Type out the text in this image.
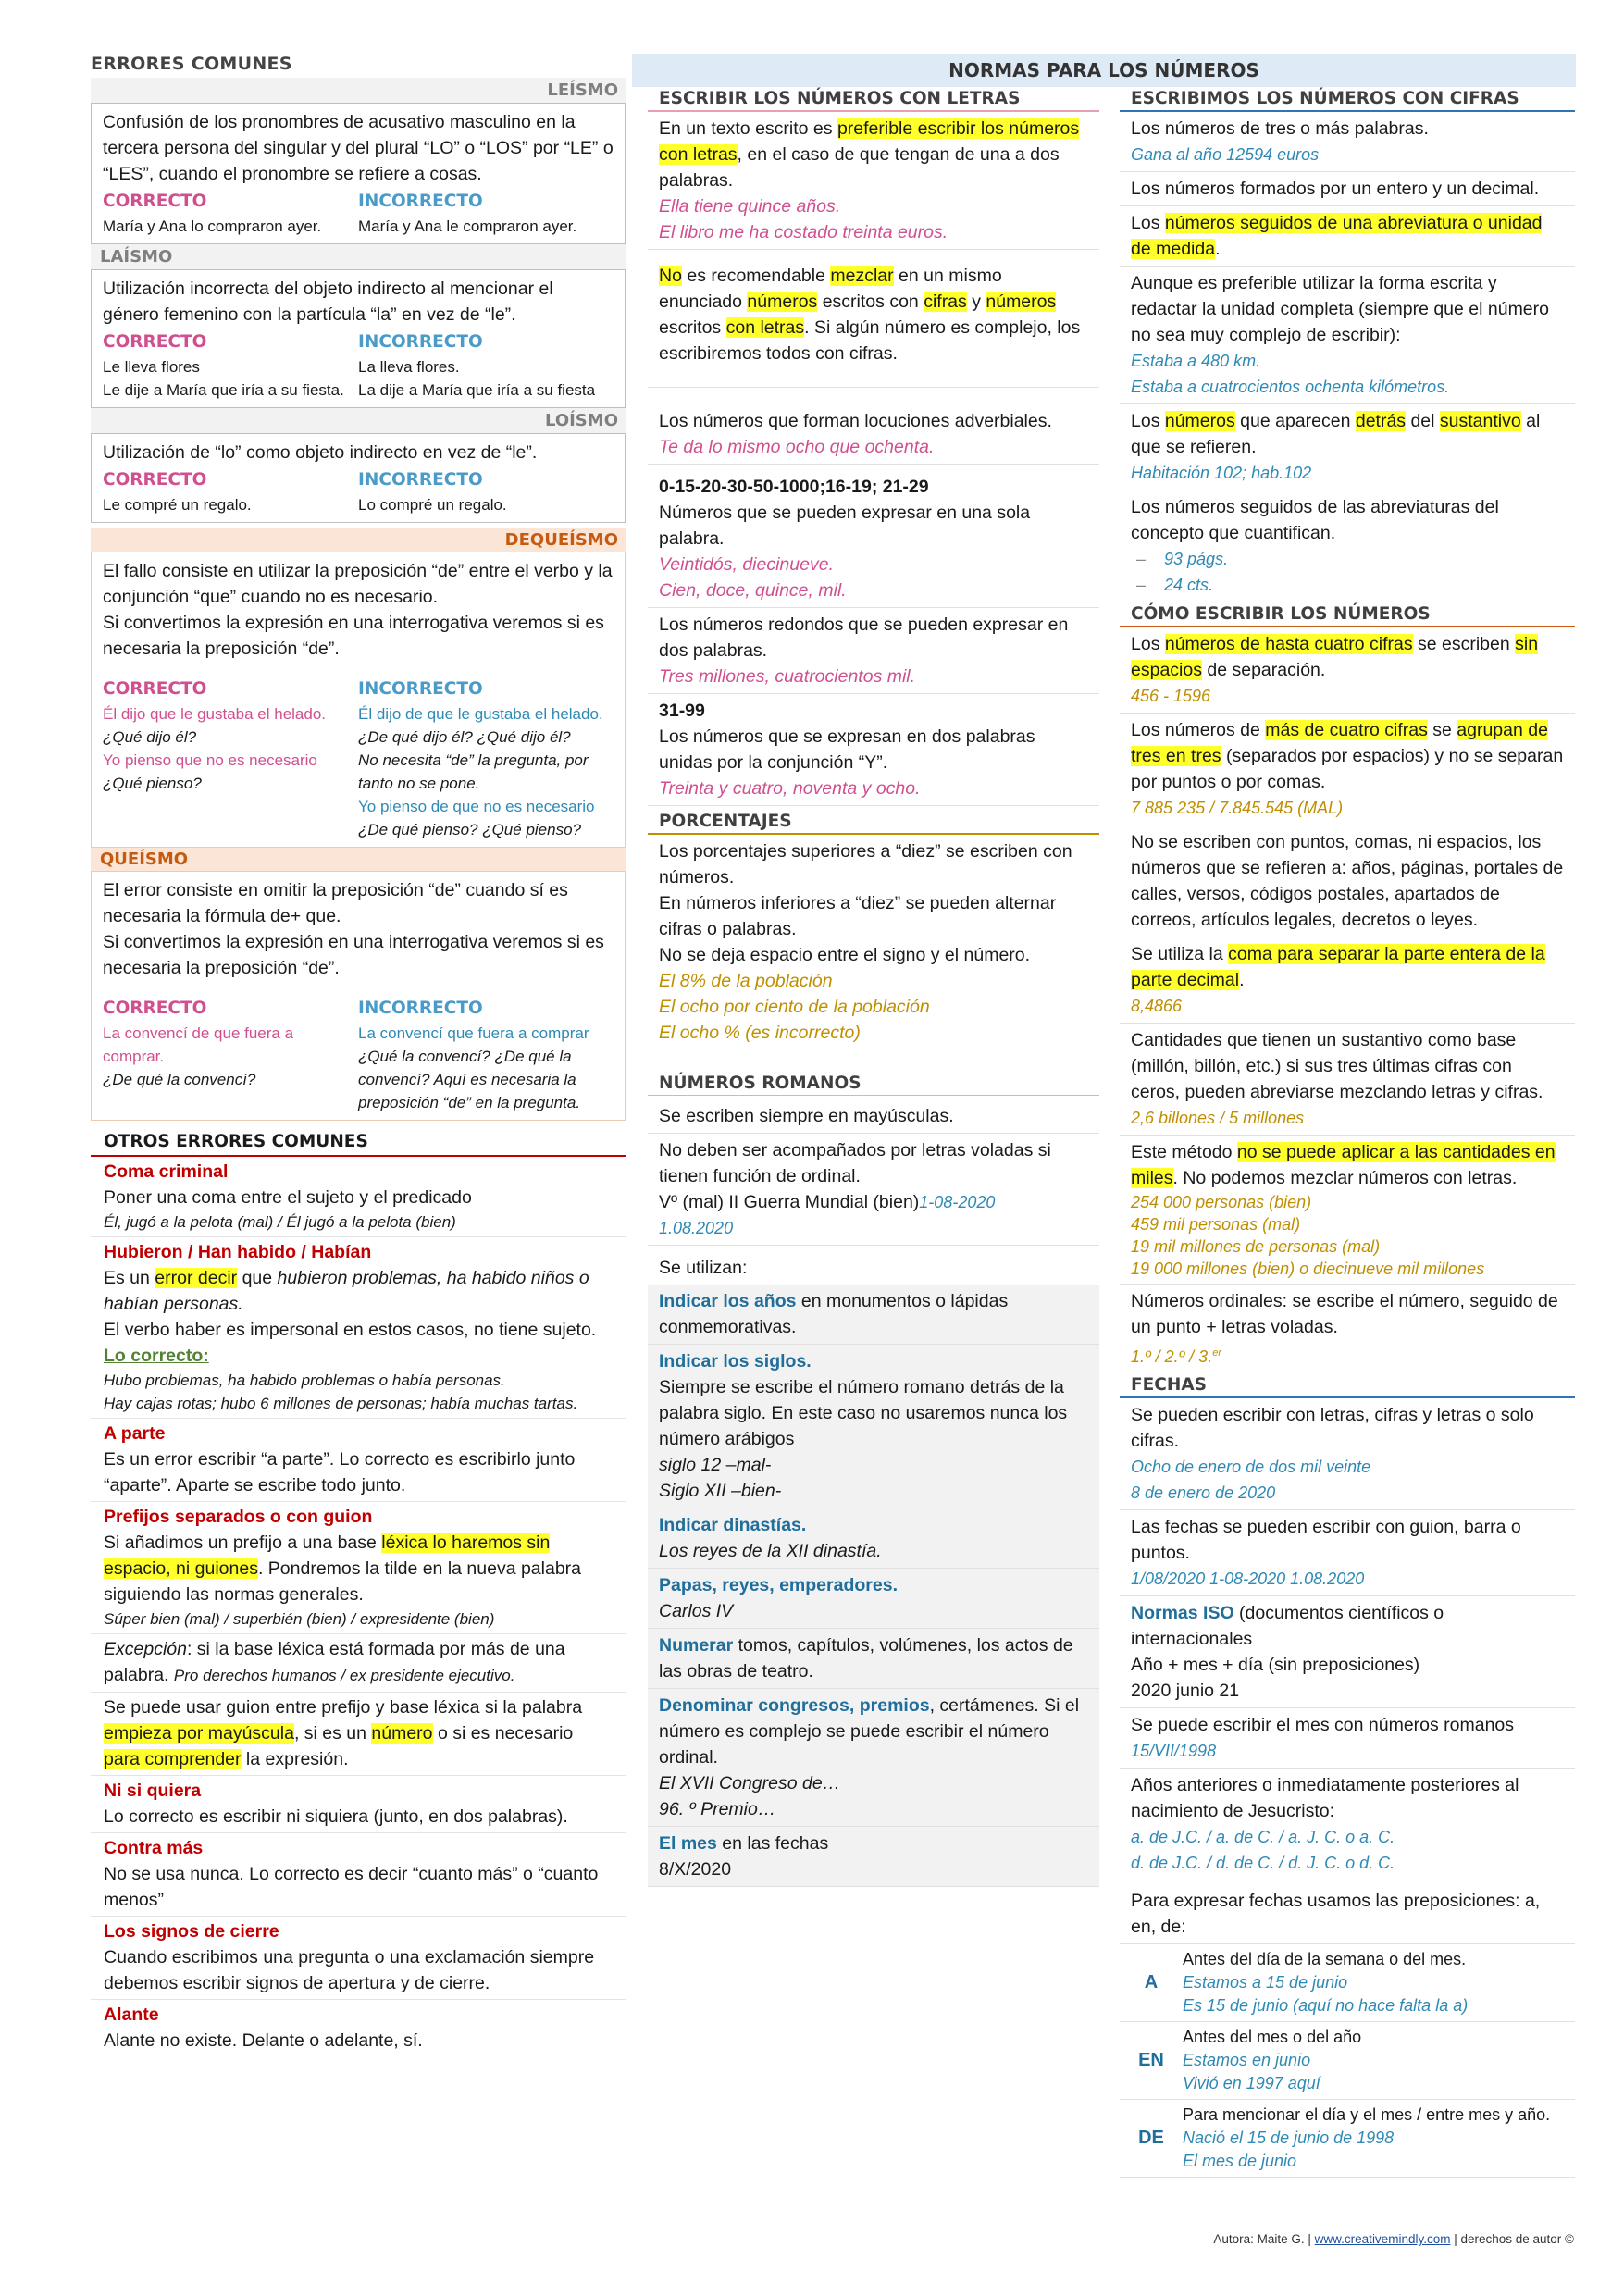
ERRORES COMUNES
LEÍSMO
Confusión de los pronombres de acusativo masculino en la tercera persona del singular y del plural “LO” o “LOS” por “LE” o “LES”, cuando el pronombre se refiere a cosas.
CORRECTO
María y Ana lo compraron ayer.
INCORRECTO
María y Ana le compraron ayer.
LAÍSMO
Utilización incorrecta del objeto indirecto al mencionar el género femenino con la partícula “la” en vez de “le”.
CORRECTO
Le lleva flores
Le dije a María que iría a su fiesta.
INCORRECTO
La lleva flores.
La dije a María que iría a su fiesta
LOÍSMO
Utilización de “lo” como objeto indirecto en vez de “le”.
CORRECTO
Le compré un regalo.
INCORRECTO
Lo compré un regalo.
DEQUEÍSMO
El fallo consiste en utilizar la preposición “de” entre el verbo y la conjunción “que” cuando no es necesario.
Si convertimos la expresión en una interrogativa veremos si es necesaria la preposición “de”.
CORRECTO
Él dijo que le gustaba el helado.
¿Qué dijo él?
Yo pienso que no es necesario
¿Qué pienso?
INCORRECTO
Él dijo de que le gustaba el helado.
¿De qué dijo él? ¿Qué dijo él?
No necesita “de” la pregunta, por tanto no se pone.
Yo pienso de que no es necesario
¿De qué pienso? ¿Qué pienso?
QUEÍSMO
El error consiste en omitir la preposición “de” cuando sí es necesaria la fórmula de+ que.
Si convertimos la expresión en una interrogativa veremos si es necesaria la preposición “de”.
CORRECTO
La convencí de que fuera a comprar.
¿De qué la convencí?
INCORRECTO
La convencí que fuera a comprar
¿Qué la convencí? ¿De qué la convencí? Aquí es necesaria la preposición “de” en la pregunta.
OTROS ERRORES COMUNES
Coma criminal
Poner una coma entre el sujeto y el predicado
Él, jugó a la pelota (mal) / Él jugó a la pelota (bien)
Hubieron / Han habido / Habían
Es un error decir que hubieron problemas, ha habido niños o habían personas.
El verbo haber es impersonal en estos casos, no tiene sujeto.
Lo correcto:
Hubo problemas, ha habido problemas o había personas.
Hay cajas rotas; hubo 6 millones de personas; había muchas tartas.
A parte
Es un error escribir “a parte”. Lo correcto es escribirlo junto “aparte”. Aparte se escribe todo junto.
Prefijos separados o con guion
Si añadimos un prefijo a una base léxica lo haremos sin espacio, ni guiones. Pondremos la tilde en la nueva palabra siguiendo las normas generales.
Súper bien (mal) / superbién (bien) / expresidente (bien)
Excepción: si la base léxica está formada por más de una palabra. Pro derechos humanos / ex presidente ejecutivo.
Se puede usar guion entre prefijo y base léxica si la palabra empieza por mayúscula, si es un número o si es necesario para comprender la expresión.
Ni si quiera
Lo correcto es escribir ni siquiera (junto, en dos palabras).
Contra más
No se usa nunca. Lo correcto es decir “cuanto más” o “cuanto menos”
Los signos de cierre
Cuando escribimos una pregunta o una exclamación siempre debemos escribir signos de apertura y de cierre.
Alante
Alante no existe. Delante o adelante, sí.
NORMAS PARA LOS NÚMEROS
ESCRIBIR LOS NÚMEROS CON LETRAS
En un texto escrito es preferible escribir los números con letras, en el caso de que tengan de una a dos palabras.
Ella tiene quince años.
El libro me ha costado treinta euros.
No es recomendable mezclar en un mismo enunciado números escritos con cifras y números escritos con letras. Si algún número es complejo, los escribiremos todos con cifras.
Los números que forman locuciones adverbiales.
Te da lo mismo ocho que ochenta.
0-15-20-30-50-1000;16-19; 21-29
Números que se pueden expresar en una sola palabra.
Veintidós, diecinueve.
Cien, doce, quince, mil.
Los números redondos que se pueden expresar en dos palabras.
Tres millones, cuatrocientos mil.
31-99
Los números que se expresan en dos palabras unidas por la conjunción “Y”.
Treinta y cuatro, noventa y ocho.
PORCENTAJES
Los porcentajes superiores a “diez” se escriben con números.
En números inferiores a “diez” se pueden alternar cifras o palabras.
No se deja espacio entre el signo y el número.
El 8% de la población
El ocho por ciento de la población
El ocho % (es incorrecto)
NÚMEROS ROMANOS
Se escriben siempre en mayúsculas.
No deben ser acompañados por letras voladas si tienen función de ordinal.
Vº (mal) II Guerra Mundial (bien)1-08-2020
1.08.2020
Se utilizan:
Indicar los años en monumentos o lápidas conmemorativas.
Indicar los siglos.
Siempre se escribe el número romano detrás de la palabra siglo. En este caso no usaremos nunca los número arábigos
siglo 12 –mal-
Siglo XII –bien-
Indicar dinastías.
Los reyes de la XII dinastía.
Papas, reyes, emperadores.
Carlos IV
Numerar tomos, capítulos, volúmenes, los actos de las obras de teatro.
Denominar congresos, premios, certámenes. Si el número es complejo se puede escribir el número ordinal.
El XVII Congreso de…
96. º Premio…
El mes en las fechas
8/X/2020
ESCRIBIMOS LOS NÚMEROS CON CIFRAS
Los números de tres o más palabras.
Gana al año 12594 euros
Los números formados por un entero y un decimal.
Los números seguidos de una abreviatura o unidad de medida.
Aunque es preferible utilizar la forma escrita y redactar la unidad completa (siempre que el número no sea muy complejo de escribir):
Estaba a 480 km.
Estaba a cuatrocientos ochenta kilómetros.
Los números que aparecen detrás del sustantivo al que se refieren.
Habitación 102; hab.102
Los números seguidos de las abreviaturas del concepto que cuantifican.
–    93 págs.
–    24 cts.
CÓMO ESCRIBIR LOS NÚMEROS
Los números de hasta cuatro cifras se escriben sin espacios de separación.
456 - 1596
Los números de más de cuatro cifras se agrupan de tres en tres (separados por espacios) y no se separan por puntos o por comas.
7 885 235 / 7.845.545 (MAL)
No se escriben con puntos, comas, ni espacios, los números que se refieren a: años, páginas, portales de calles, versos, códigos postales, apartados de correos, artículos legales, decretos o leyes.
Se utiliza la coma para separar la parte entera de la parte decimal.
8,4866
Cantidades que tienen un sustantivo como base (millón, billón, etc.) si sus tres últimas cifras con ceros, pueden abreviarse mezclando letras y cifras.
2,6 billones / 5 millones
Este método no se puede aplicar a las cantidades en miles. No podemos mezclar números con letras.
254 000 personas (bien)
459 mil personas (mal)
19 mil millones de personas (mal)
19 000 millones (bien) o diecinueve mil millones
Números ordinales: se escribe el número, seguido de un punto + letras voladas.
1.º / 2.º / 3.$^{er}$
FECHAS
Se pueden escribir con letras, cifras y letras o solo cifras.
Ocho de enero de dos mil veinte
8 de enero de 2020
Las fechas se pueden escribir con guion, barra o puntos.
1/08/2020 1-08-2020 1.08.2020
Normas ISO (documentos científicos o internacionales
Año + mes + día (sin preposiciones)
2020 junio 21
Se puede escribir el mes con números romanos
15/VII/1998
Años anteriores o inmediatamente posteriores al nacimiento de Jesucristo:
a. de J.C. / a. de C. / a. J. C. o a. C.
d. de J.C. / d. de C. / d. J. C. o d. C.
Para expresar fechas usamos las preposiciones: a, en, de:
A
Antes del día de la semana o del mes.
Estamos a 15 de junio
Es 15 de junio (aquí no hace falta la a)
EN
Antes del mes o del año
Estamos en junio
Vivió en 1997 aquí
DE
Para mencionar el día y el mes / entre mes y año.
Nació el 15 de junio de 1998
El mes de junio
Autora: Maite G. | www.creativemindly.com | derechos de autor ©
